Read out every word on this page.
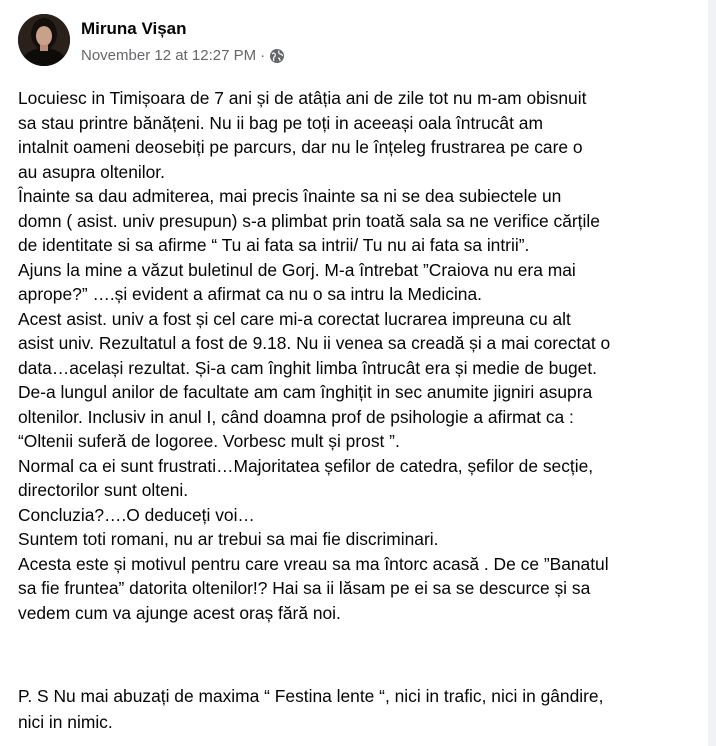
Miruna Vișan
November 12 at 12:27 PM ·

Locuiesc in Timișoara de 7 ani și de atâția ani de zile tot nu m-am obisnuit

sa stau printre bănățeni. Nu ii bag pe toți in aceeași oala întrucât am

intalnit oameni deosebiți pe parcurs, dar nu le înțeleg frustrarea pe care o

au asupra oltenilor.

Înainte sa dau admiterea, mai precis înainte sa ni se dea subiectele un

domn ( asist. univ presupun) s-a plimbat prin toată sala sa ne verifice cărțile

de identitate si sa afirme “ Tu ai fata sa intrii/ Tu nu ai fata sa intrii”.

Ajuns la mine a văzut buletinul de Gorj. M-a întrebat ”Craiova nu era mai

aprope?” ….și evident a afirmat ca nu o sa intru la Medicina.

Acest asist. univ a fost și cel care mi-a corectat lucrarea impreuna cu alt

asist univ. Rezultatul a fost de 9.18. Nu ii venea sa creadă și a mai corectat o

data…același rezultat. Și-a cam înghit limba întrucât era și medie de buget.

De-a lungul anilor de facultate am cam înghițit in sec anumite jigniri asupra

oltenilor. Inclusiv in anul I, când doamna prof de psihologie a afirmat ca :

“Oltenii suferă de logoree. Vorbesc mult și prost ”.

Normal ca ei sunt frustrati…Majoritatea șefilor de catedra, șefilor de secție,

directorilor sunt olteni.

Concluzia?….O deduceți voi…

Suntem toti romani, nu ar trebui sa mai fie discriminari.

Acesta este și motivul pentru care vreau sa ma întorc acasă . De ce ”Banatul

sa fie fruntea” datorita oltenilor!? Hai sa ii lăsam pe ei sa se descurce și sa

vedem cum va ajunge acest oraș fără noi.

P. S Nu mai abuzați de maxima “ Festina lente “, nici in trafic, nici in gândire,

nici in nimic.
